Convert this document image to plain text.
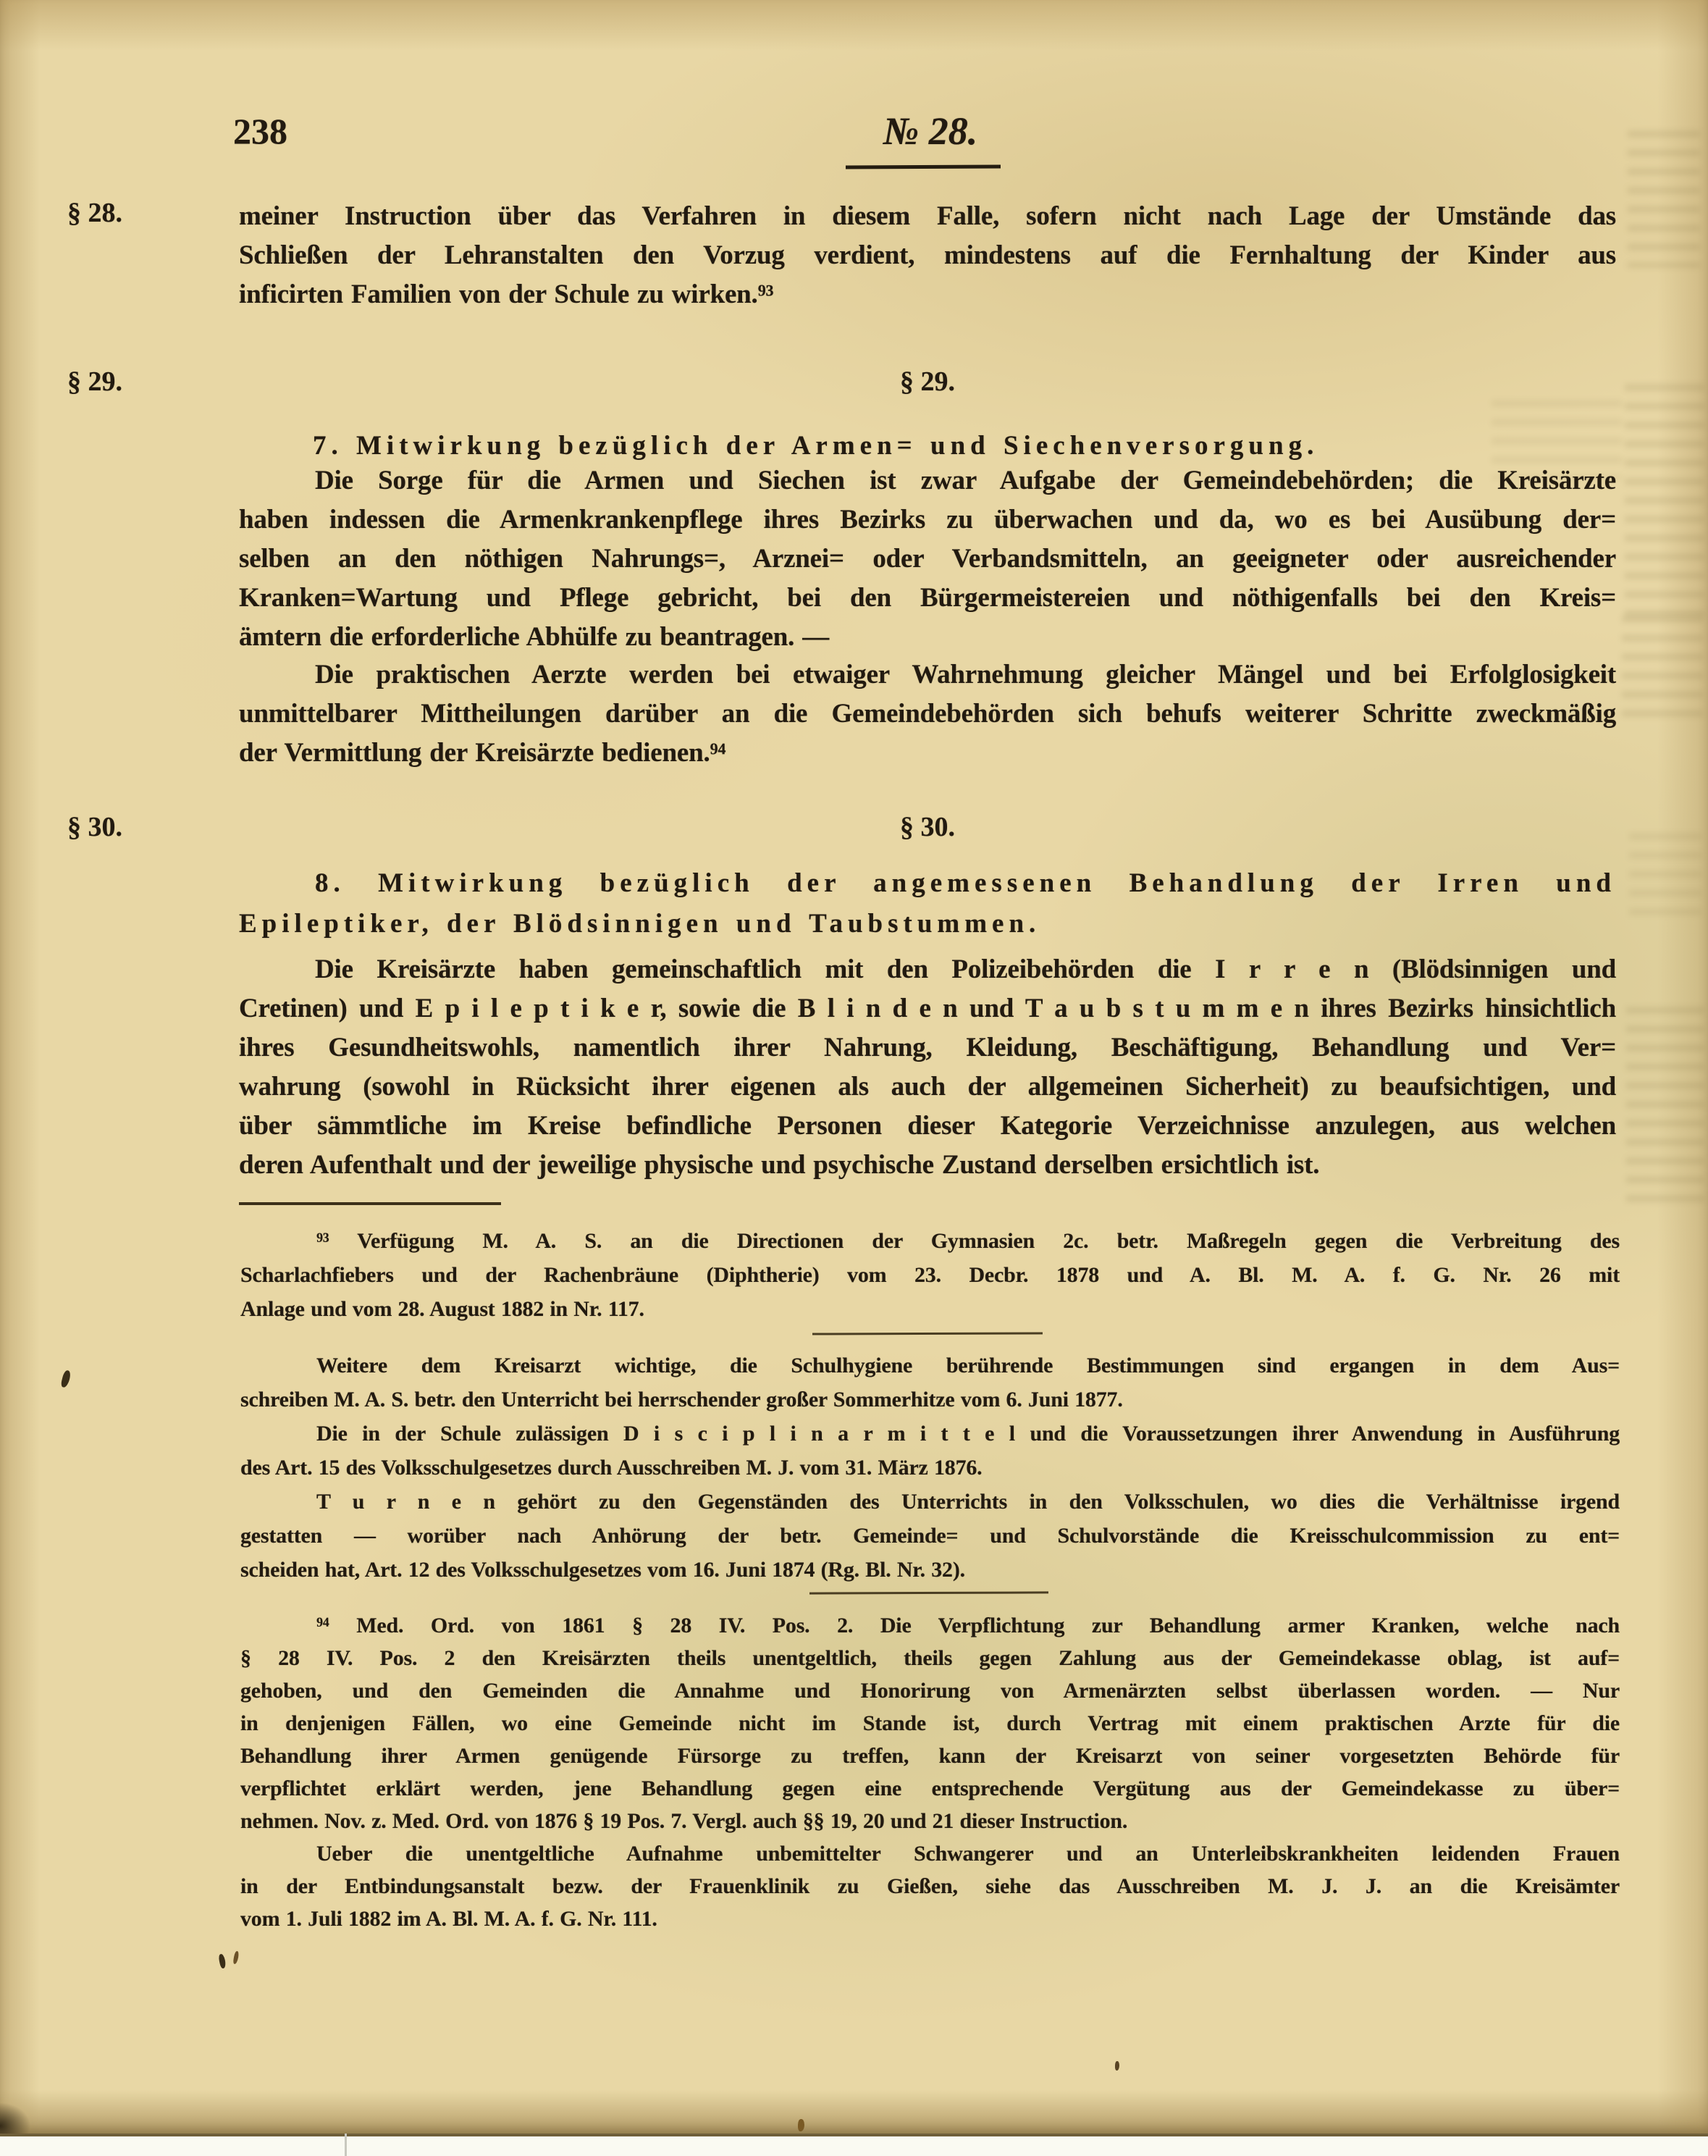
238	№ 28.
§ 28.
§ 29.
§ 30.
meiner Instruction über das Verfahren in diesem Falle, sofern nicht nach Lage der Umstände das
Schließen der Lehranstalten den Vorzug verdient, mindestens auf die Fernhaltung der Kinder aus
inficirten Familien von der Schule zu wirken.⁹³
§ 29.
7. Mitwirkung bezüglich der Armen= und Siechenversorgung.
Die Sorge für die Armen und Siechen ist zwar Aufgabe der Gemeindebehörden; die Kreisärzte
haben indessen die Armenkrankenpflege ihres Bezirks zu überwachen und da, wo es bei Ausübung der=
selben an den nöthigen Nahrungs=, Arznei= oder Verbandsmitteln, an geeigneter oder ausreichender
Kranken=Wartung und Pflege gebricht, bei den Bürgermeistereien und nöthigenfalls bei den Kreis=
ämtern die erforderliche Abhülfe zu beantragen. —
Die praktischen Aerzte werden bei etwaiger Wahrnehmung gleicher Mängel und bei Erfolglosigkeit
unmittelbarer Mittheilungen darüber an die Gemeindebehörden sich behufs weiterer Schritte zweckmäßig
der Vermittlung der Kreisärzte bedienen.⁹⁴
§ 30.
8. Mitwirkung bezüglich der angemessenen Behandlung der Irren und
Epileptiker, der Blödsinnigen und Taubstummen.
Die Kreisärzte haben gemeinschaftlich mit den Polizeibehörden die I r r e n (Blödsinnigen und
Cretinen) und E p i l e p t i k e r, sowie die B l i n d e n und T a u b s t u m m e n ihres Bezirks hinsichtlich
ihres Gesundheitswohls, namentlich ihrer Nahrung, Kleidung, Beschäftigung, Behandlung und Ver=
wahrung (sowohl in Rücksicht ihrer eigenen als auch der allgemeinen Sicherheit) zu beaufsichtigen, und
über sämmtliche im Kreise befindliche Personen dieser Kategorie Verzeichnisse anzulegen, aus welchen
deren Aufenthalt und der jeweilige physische und psychische Zustand derselben ersichtlich ist.
⁹³ Verfügung M. A. S. an die Directionen der Gymnasien 2c. betr. Maßregeln gegen die Verbreitung des
Scharlachfiebers und der Rachenbräune (Diphtherie) vom 23. Decbr. 1878 und A. Bl. M. A. f. G. Nr. 26 mit
Anlage und vom 28. August 1882 in Nr. 117.
Weitere dem Kreisarzt wichtige, die Schulhygiene berührende Bestimmungen sind ergangen in dem Aus=
schreiben M. A. S. betr. den Unterricht bei herrschender großer Sommerhitze vom 6. Juni 1877.
Die in der Schule zulässigen D i s c i p l i n a r m i t t e l und die Voraussetzungen ihrer Anwendung in Ausführung
des Art. 15 des Volksschulgesetzes durch Ausschreiben M. J. vom 31. März 1876.
T u r n e n gehört zu den Gegenständen des Unterrichts in den Volksschulen, wo dies die Verhältnisse irgend
gestatten — worüber nach Anhörung der betr. Gemeinde= und Schulvorstände die Kreisschulcommission zu ent=
scheiden hat, Art. 12 des Volksschulgesetzes vom 16. Juni 1874 (Rg. Bl. Nr. 32).
⁹⁴ Med. Ord. von 1861 § 28 IV. Pos. 2. Die Verpflichtung zur Behandlung armer Kranken, welche nach
§ 28 IV. Pos. 2 den Kreisärzten theils unentgeltlich, theils gegen Zahlung aus der Gemeindekasse oblag, ist auf=
gehoben, und den Gemeinden die Annahme und Honorirung von Armenärzten selbst überlassen worden. — Nur
in denjenigen Fällen, wo eine Gemeinde nicht im Stande ist, durch Vertrag mit einem praktischen Arzte für die
Behandlung ihrer Armen genügende Fürsorge zu treffen, kann der Kreisarzt von seiner vorgesetzten Behörde für
verpflichtet erklärt werden, jene Behandlung gegen eine entsprechende Vergütung aus der Gemeindekasse zu über=
nehmen. Nov. z. Med. Ord. von 1876 § 19 Pos. 7. Vergl. auch §§ 19, 20 und 21 dieser Instruction.
Ueber die unentgeltliche Aufnahme unbemittelter Schwangerer und an Unterleibskrankheiten leidenden Frauen
in der Entbindungsanstalt bezw. der Frauenklinik zu Gießen, siehe das Ausschreiben M. J. J. an die Kreisämter
vom 1. Juli 1882 im A. Bl. M. A. f. G. Nr. 111.
